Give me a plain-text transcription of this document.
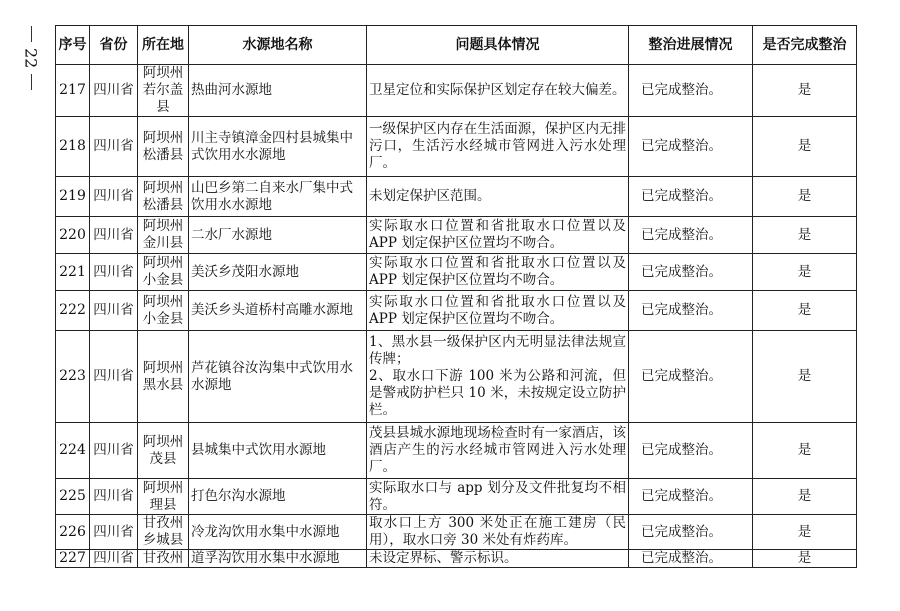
22
序号	省份	所在地	水源地名称	问题具体情况	整治进展情况	是否完成整治
217	四川省	阿坝州若尔盖县	热曲河水源地	卫星定位和实际保护区划定存在较大偏差。	已完成整治。	是
218	四川省	阿坝州松潘县	川主寺镇漳金四村县城集中式饮用水水源地	一级保护区内存在生活面源，保护区内无排污口，生活污水经城市管网进入污水处理厂。	已完成整治。	是
219	四川省	阿坝州松潘县	山巴乡第二自来水厂集中式饮用水水源地	未划定保护区范围。	已完成整治。	是
220	四川省	阿坝州金川县	二水厂水源地	实际取水口位置和省批取水口位置以及 APP 划定保护区位置均不吻合。	已完成整治。	是
221	四川省	阿坝州小金县	美沃乡茂阳水源地	实际取水口位置和省批取水口位置以及 APP 划定保护区位置均不吻合。	已完成整治。	是
222	四川省	阿坝州小金县	美沃乡头道桥村高雕水源地	实际取水口位置和省批取水口位置以及 APP 划定保护区位置均不吻合。	已完成整治。	是
223	四川省	阿坝州黑水县	芦花镇谷汝沟集中式饮用水水源地	1、黑水县一级保护区内无明显法律法规宣传牌；
2、取水口下游 100 米为公路和河流，但是警戒防护栏只 10 米，未按规定设立防护栏。	已完成整治。	是
224	四川省	阿坝州茂县	县城集中式饮用水源地	茂县县城水源地现场检查时有一家酒店，该酒店产生的污水经城市管网进入污水处理厂。	已完成整治。	是
225	四川省	阿坝州理县	打色尔沟水源地	实际取水口与 app 划分及文件批复均不相符。	已完成整治。	是
226	四川省	甘孜州乡城县	冷龙沟饮用水集中水源地	取水口上方 300 米处正在施工建房（民用），取水口旁 30 米处有炸药库。	已完成整治。	是
227	四川省	甘孜州	道孚沟饮用水集中水源地	未设定界标、警示标识。	已完成整治。	是
